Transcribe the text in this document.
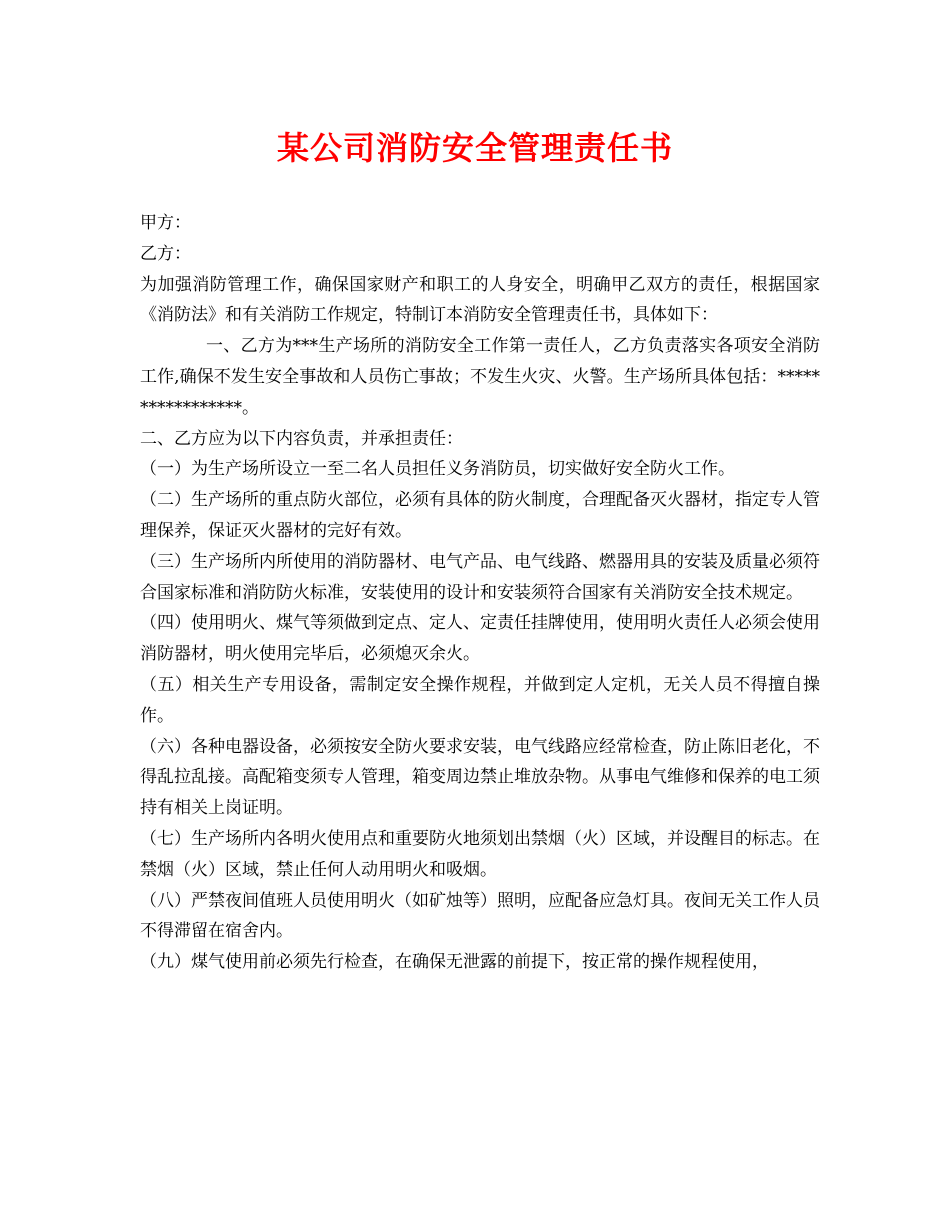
某公司消防安全管理责任书

甲方：

乙方：

为加强消防管理工作，确保国家财产和职工的人身安全，明确甲乙双方的责任，根据国家《消防法》和有关消防工作规定，特制订本消防安全管理责任书，具体如下：

一、乙方为***生产场所的消防安全工作第一责任人，乙方负责落实各项安全消防工作,确保不发生安全事故和人员伤亡事故；不发生火灾、火警。生产场所具体包括：*****************。

二、乙方应为以下内容负责，并承担责任：

（一）为生产场所设立一至二名人员担任义务消防员，切实做好安全防火工作。

（二）生产场所的重点防火部位，必须有具体的防火制度，合理配备灭火器材，指定专人管理保养，保证灭火器材的完好有效。

（三）生产场所内所使用的消防器材、电气产品、电气线路、燃器用具的安装及质量必须符合国家标准和消防防火标准，安装使用的设计和安装须符合国家有关消防安全技术规定。

（四）使用明火、煤气等须做到定点、定人、定责任挂牌使用，使用明火责任人必须会使用消防器材，明火使用完毕后，必须熄灭余火。

（五）相关生产专用设备，需制定安全操作规程，并做到定人定机，无关人员不得擅自操作。

（六）各种电器设备，必须按安全防火要求安装，电气线路应经常检查，防止陈旧老化，不得乱拉乱接。高配箱变须专人管理，箱变周边禁止堆放杂物。从事电气维修和保养的电工须持有相关上岗证明。

（七）生产场所内各明火使用点和重要防火地须划出禁烟（火）区域，并设醒目的标志。在禁烟（火）区域，禁止任何人动用明火和吸烟。

（八）严禁夜间值班人员使用明火（如矿烛等）照明，应配备应急灯具。夜间无关工作人员不得滞留在宿舍内。

（九）煤气使用前必须先行检查，在确保无泄露的前提下，按正常的操作规程使用，
